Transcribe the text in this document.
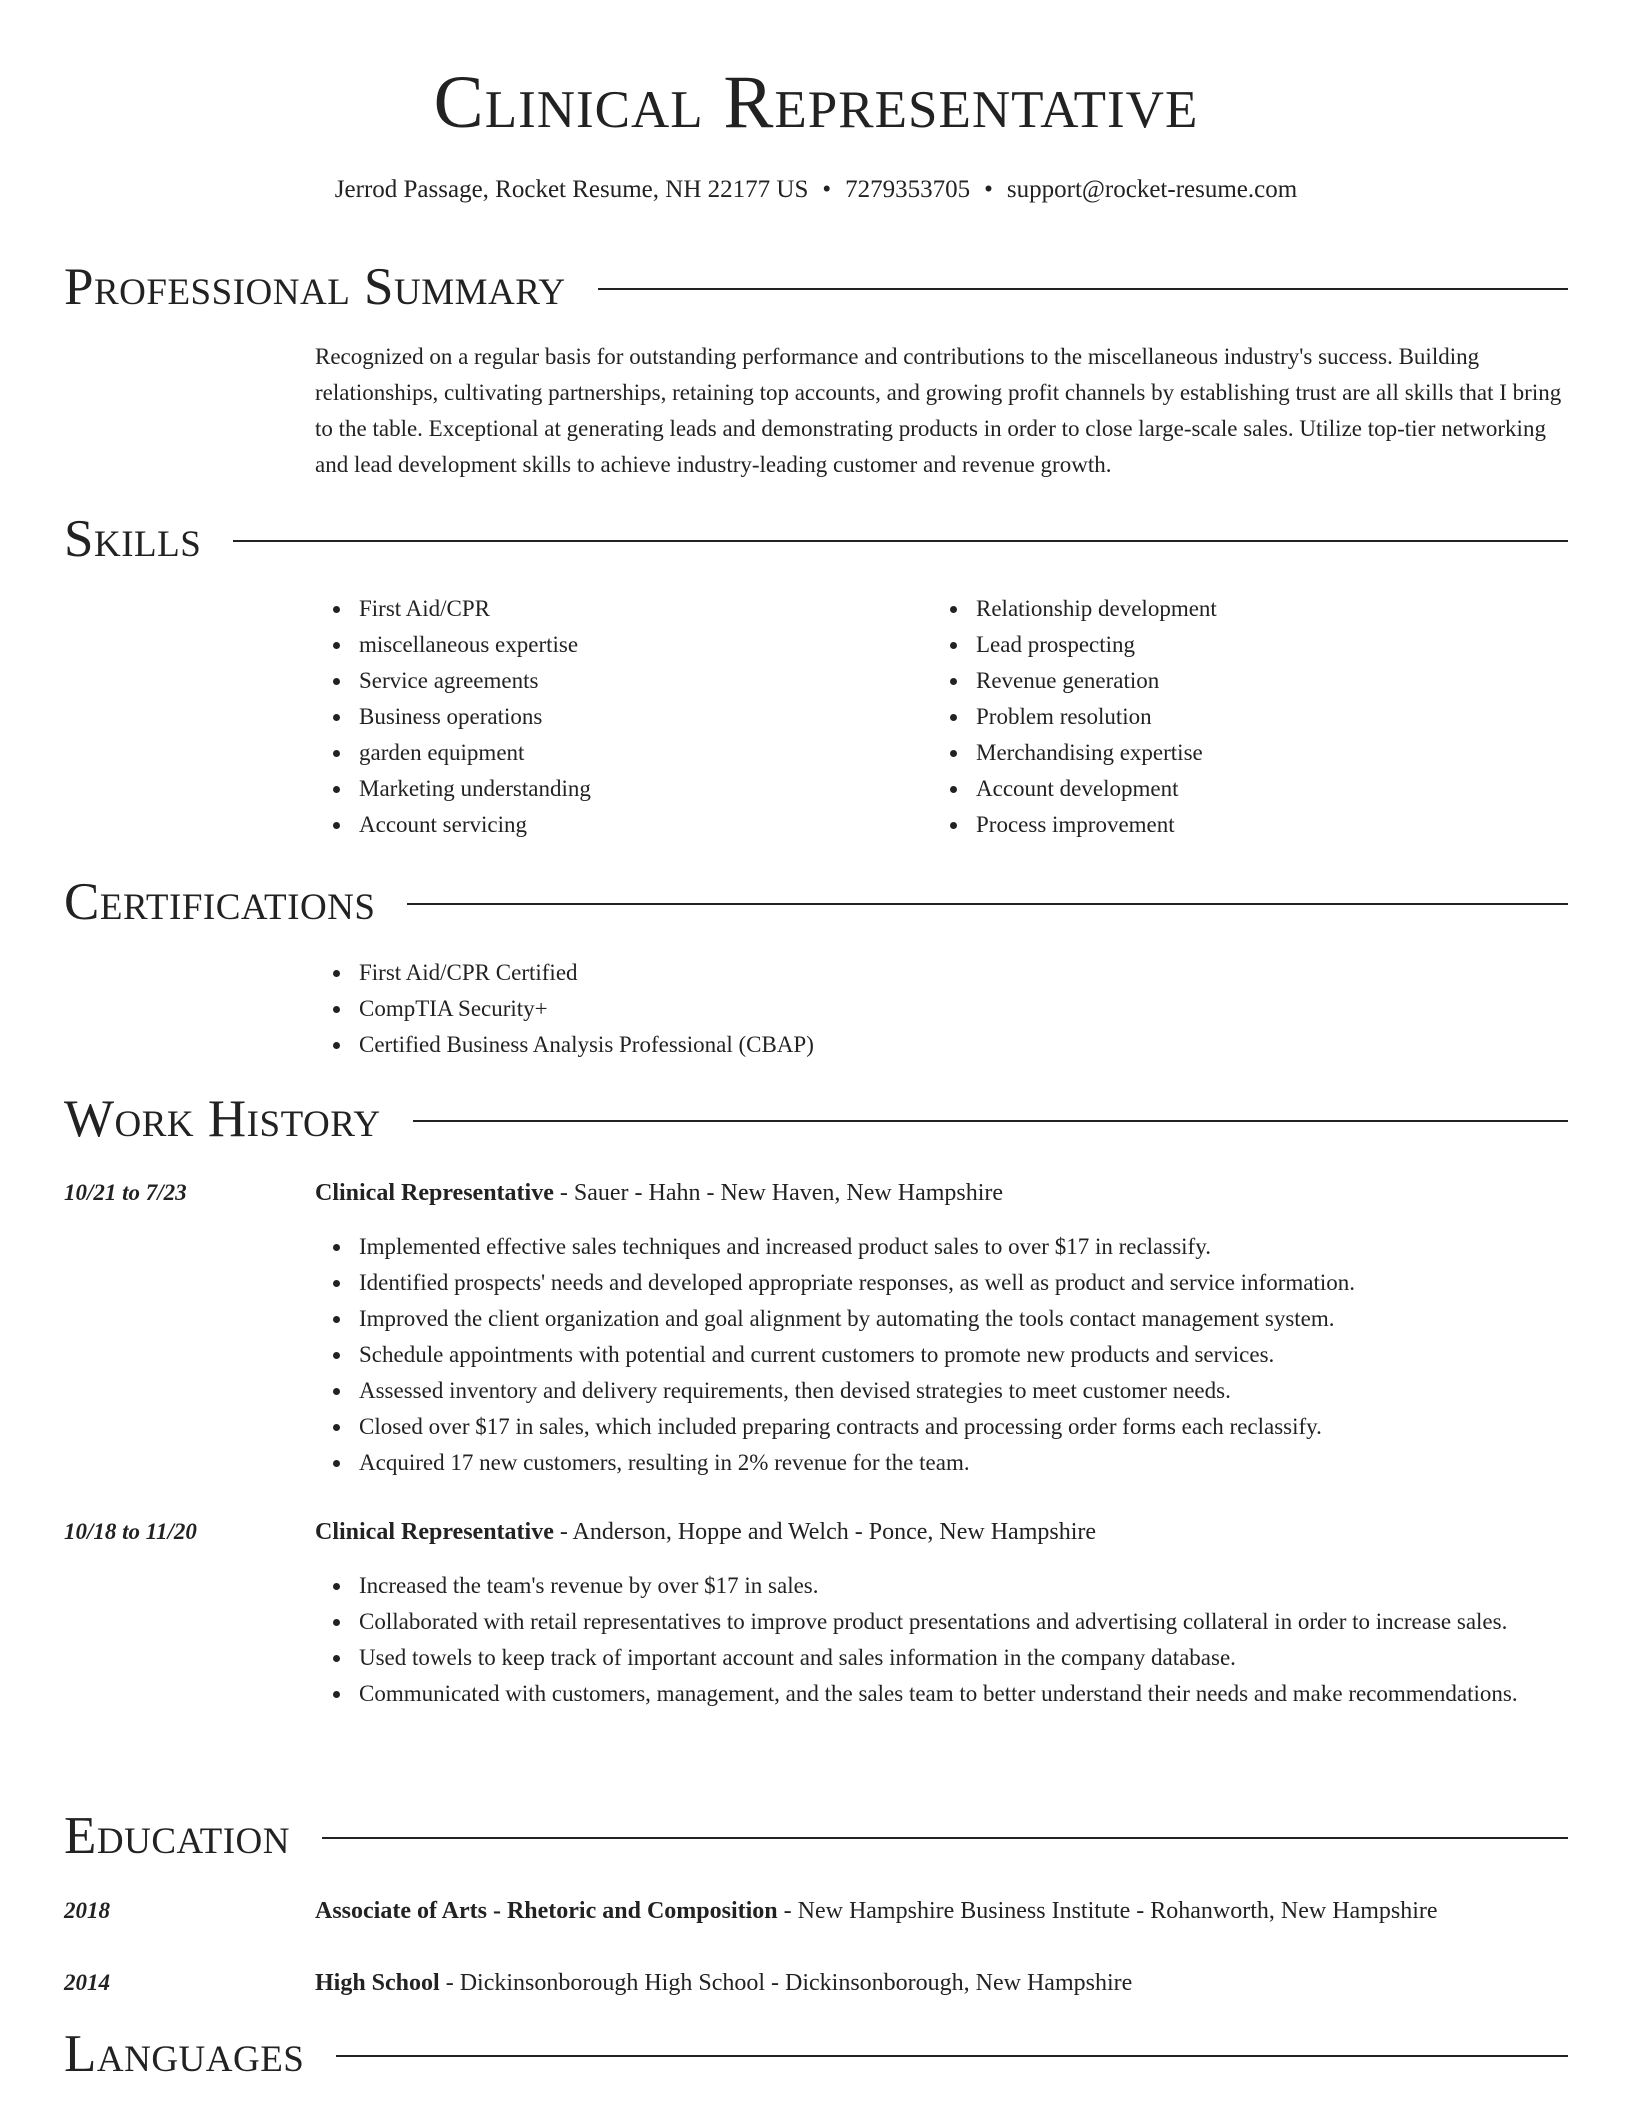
Clinical Representative
Jerrod Passage, Rocket Resume, NH 22177 US • 7279353705 • support@rocket-resume.com
Professional Summary
Recognized on a regular basis for outstanding performance and contributions to the miscellaneous industry's success. Building relationships, cultivating partnerships, retaining top accounts, and growing profit channels by establishing trust are all skills that I bring to the table. Exceptional at generating leads and demonstrating products in order to close large-scale sales. Utilize top-tier networking and lead development skills to achieve industry-leading customer and revenue growth.
Skills
First Aid/CPR
miscellaneous expertise
Service agreements
Business operations
garden equipment
Marketing understanding
Account servicing
Relationship development
Lead prospecting
Revenue generation
Problem resolution
Merchandising expertise
Account development
Process improvement
Certifications
First Aid/CPR Certified
CompTIA Security+
Certified Business Analysis Professional (CBAP)
Work History
10/21 to 7/23	Clinical Representative - Sauer - Hahn - New Haven, New Hampshire
Implemented effective sales techniques and increased product sales to over $17 in reclassify.
Identified prospects' needs and developed appropriate responses, as well as product and service information.
Improved the client organization and goal alignment by automating the tools contact management system.
Schedule appointments with potential and current customers to promote new products and services.
Assessed inventory and delivery requirements, then devised strategies to meet customer needs.
Closed over $17 in sales, which included preparing contracts and processing order forms each reclassify.
Acquired 17 new customers, resulting in 2% revenue for the team.
10/18 to 11/20	Clinical Representative - Anderson, Hoppe and Welch - Ponce, New Hampshire
Increased the team's revenue by over $17 in sales.
Collaborated with retail representatives to improve product presentations and advertising collateral in order to increase sales.
Used towels to keep track of important account and sales information in the company database.
Communicated with customers, management, and the sales team to better understand their needs and make recommendations.
Education
2018	Associate of Arts - Rhetoric and Composition - New Hampshire Business Institute - Rohanworth, New Hampshire
2014	High School - Dickinsonborough High School - Dickinsonborough, New Hampshire
Languages
